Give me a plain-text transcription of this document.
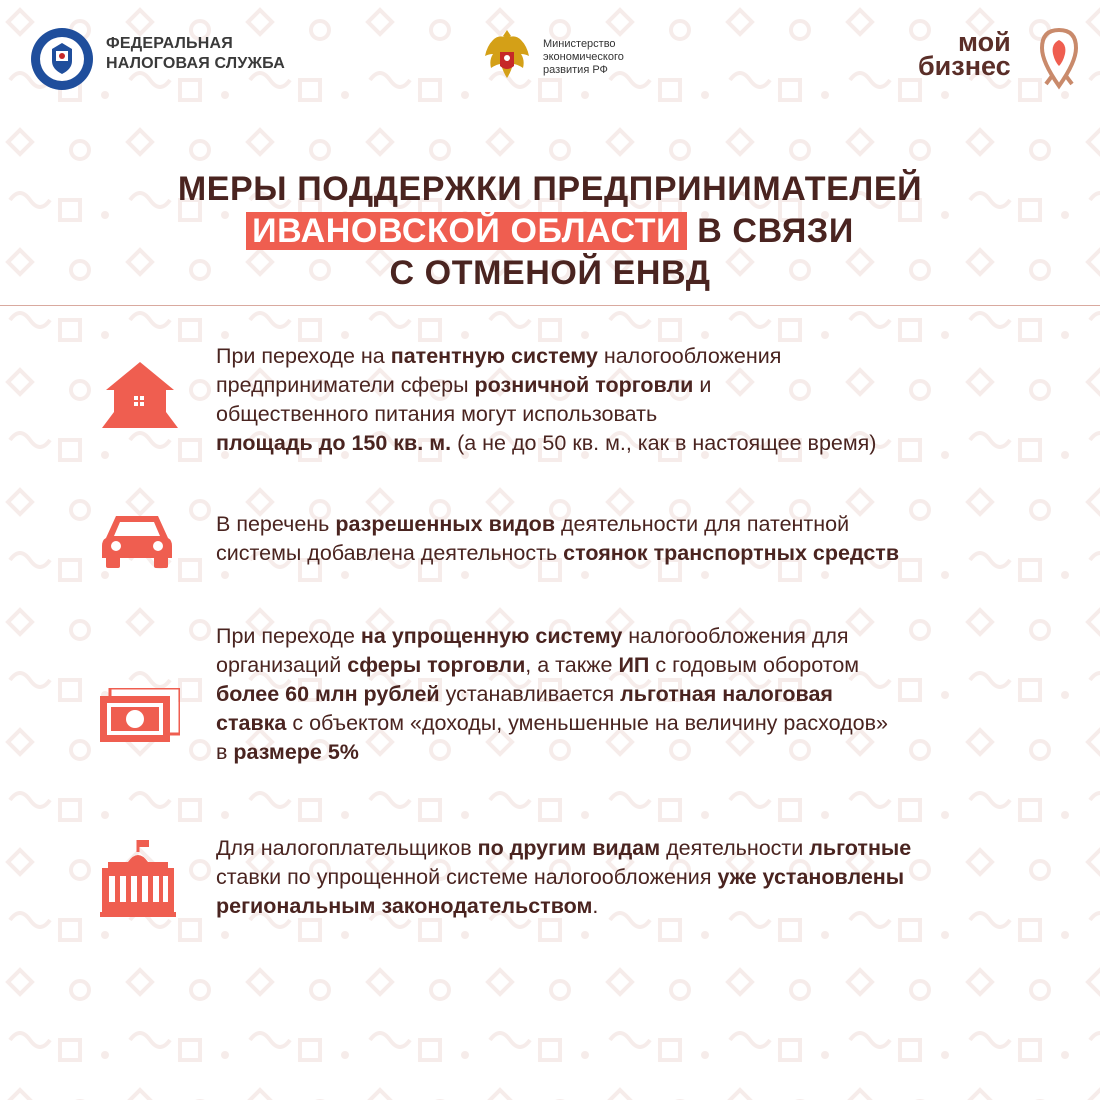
ФЕДЕРАЛЬНАЯ
НАЛОГОВАЯ СЛУЖБА
Министерство
экономического
развития РФ
мой
бизнес
МЕРЫ ПОДДЕРЖКИ ПРЕДПРИНИМАТЕЛЕЙ
ИВАНОВСКОЙ ОБЛАСТИ В СВЯЗИ
С ОТМЕНОЙ ЕНВД
При переходе на патентную систему налогообложения
предприниматели сферы розничной торговли и
общественного питания могут использовать
площадь до 150 кв. м. (а не до 50 кв. м., как в настоящее время)
В перечень разрешенных видов деятельности для патентной
системы добавлена деятельность стоянок транспортных средств
При переходе на упрощенную систему налогообложения для
организаций сферы торговли, а также ИП с годовым оборотом
более 60 млн рублей устанавливается льготная налоговая
ставка с объектом «доходы, уменьшенные на величину расходов»
в размере 5%
Для налогоплательщиков по другим видам деятельности льготные
ставки по упрощенной системе налогообложения уже установлены
региональным законодательством.
